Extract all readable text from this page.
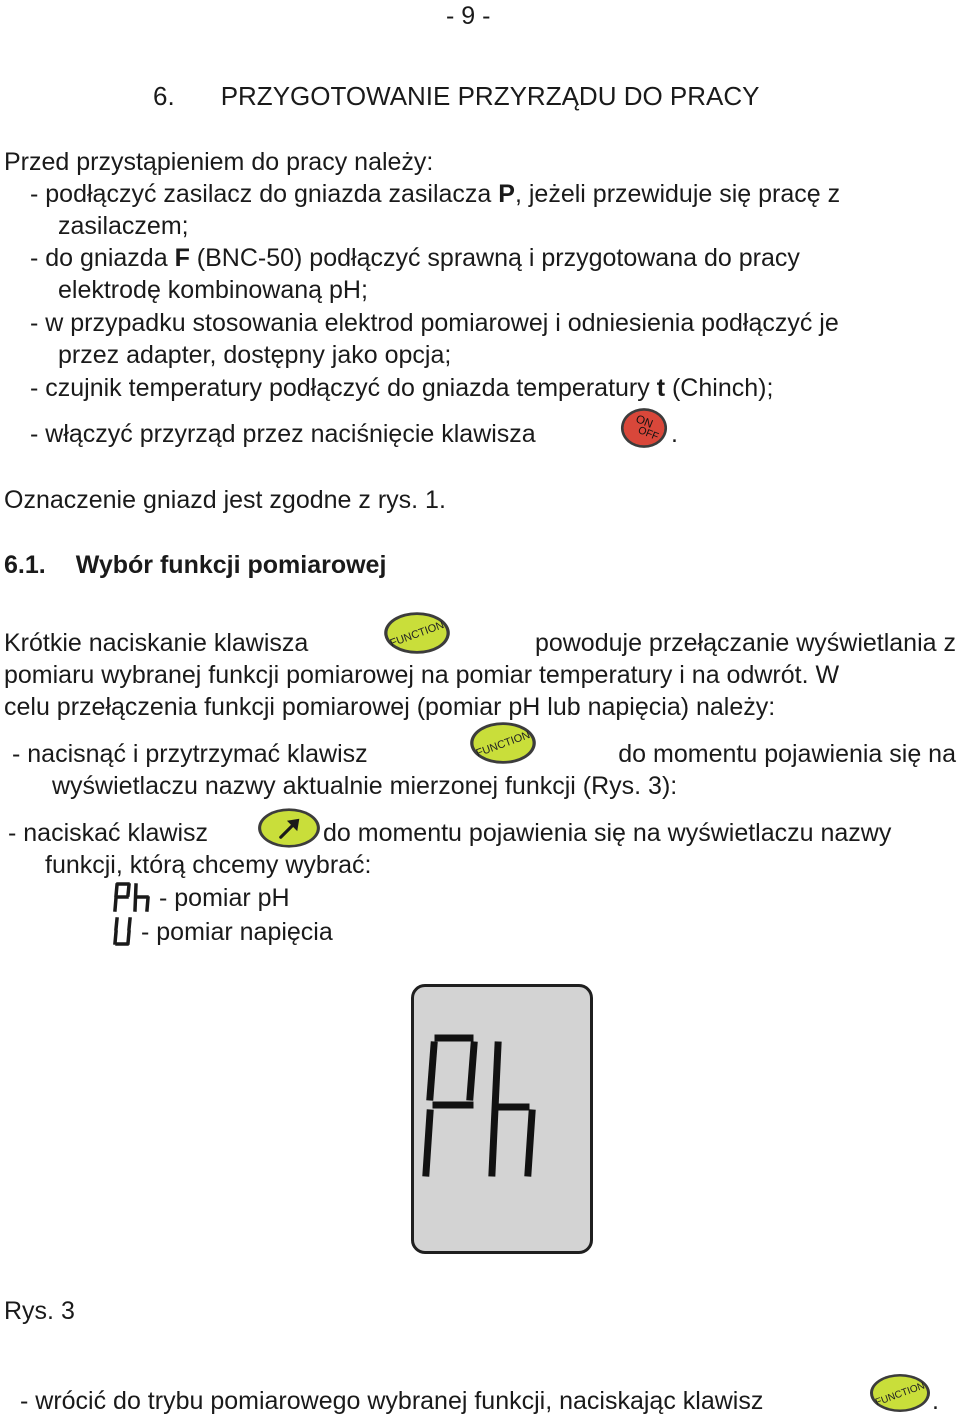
- 9 -
6. PRZYGOTOWANIE PRZYRZĄDU DO PRACY
Przed przystąpieniem do pracy należy:
- podłączyć zasilacz do gniazda zasilacza P, jeżeli przewiduje się pracę z
zasilaczem;
- do gniazda F (BNC-50) podłączyć sprawną i przygotowana do pracy
elektrodę kombinowaną pH;
- w przypadku stosowania elektrod pomiarowej i odniesienia podłączyć je
przez adapter, dostępny jako opcja;
- czujnik temperatury podłączyć do gniazda temperatury t (Chinch);
- włączyć przyrząd przez naciśnięcie klawisza	.
Oznaczenie gniazd jest zgodne z rys. 1.
6.1. Wybór funkcji pomiarowej
Krótkie naciskanie klawisza	powoduje przełączanie wyświetlania z
pomiaru wybranej funkcji pomiarowej na pomiar temperatury i na odwrót. W
celu przełączenia funkcji pomiarowej (pomiar pH lub napięcia) należy:
- nacisnąć i przytrzymać klawisz	do momentu pojawienia się na
wyświetlaczu nazwy aktualnie mierzonej funkcji (Rys. 3):
- naciskać klawisz	do momentu pojawienia się na wyświetlaczu nazwy
funkcji, którą chcemy wybrać:
- pomiar pH
- pomiar napięcia
Rys. 3
- wrócić do trybu pomiarowego wybranej funkcji, naciskając klawisz	.
